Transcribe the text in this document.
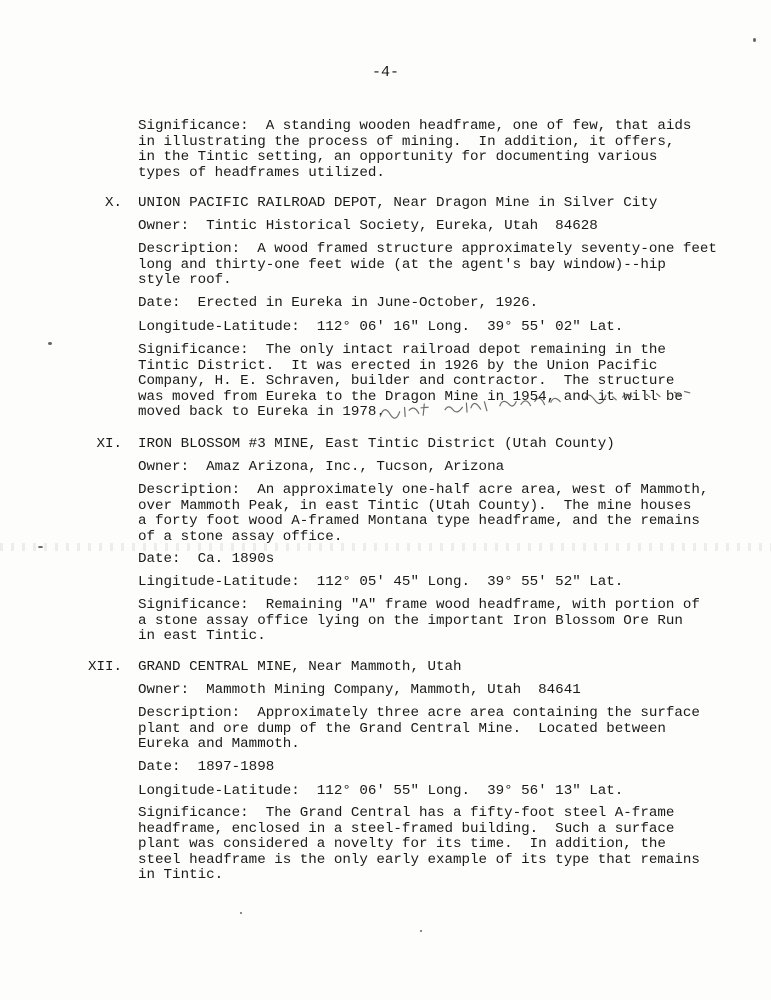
-4-
Significance:  A standing wooden headframe, one of few, that aids
in illustrating the process of mining.  In addition, it offers,
in the Tintic setting, an opportunity for documenting various
types of headframes utilized.
X. UNION PACIFIC RAILROAD DEPOT, Near Dragon Mine in Silver City
Owner:  Tintic Historical Society, Eureka, Utah  84628
Description:  A wood framed structure approximately seventy-one feet
long and thirty-one feet wide (at the agent's bay window)--hip
style roof.
Date:  Erected in Eureka in June-October, 1926.
Longitude-Latitude:  112° 06' 16" Long.  39° 55' 02" Lat.
Significance:  The only intact railroad depot remaining in the
Tintic District.  It was erected in 1926 by the Union Pacific
Company, H. E. Schraven, builder and contractor.  The structure
was moved from Eureka to the Dragon Mine in 1954, and it will be
moved back to Eureka in 1978.
XI. IRON BLOSSOM #3 MINE, East Tintic District (Utah County)
Owner:  Amaz Arizona, Inc., Tucson, Arizona
Description:  An approximately one-half acre area, west of Mammoth,
over Mammoth Peak, in east Tintic (Utah County).  The mine houses
a forty foot wood A-framed Montana type headframe, and the remains
of a stone assay office.
Date:  Ca. 1890s
Lingitude-Latitude:  112° 05' 45" Long.  39° 55' 52" Lat.
Significance:  Remaining "A" frame wood headframe, with portion of
a stone assay office lying on the important Iron Blossom Ore Run
in east Tintic.
XII. GRAND CENTRAL MINE, Near Mammoth, Utah
Owner:  Mammoth Mining Company, Mammoth, Utah  84641
Description:  Approximately three acre area containing the surface
plant and ore dump of the Grand Central Mine.  Located between
Eureka and Mammoth.
Date:  1897-1898
Longitude-Latitude:  112° 06' 55" Long.  39° 56' 13" Lat.
Significance:  The Grand Central has a fifty-foot steel A-frame
headframe, enclosed in a steel-framed building.  Such a surface
plant was considered a novelty for its time.  In addition, the
steel headframe is the only early example of its type that remains
in Tintic.
